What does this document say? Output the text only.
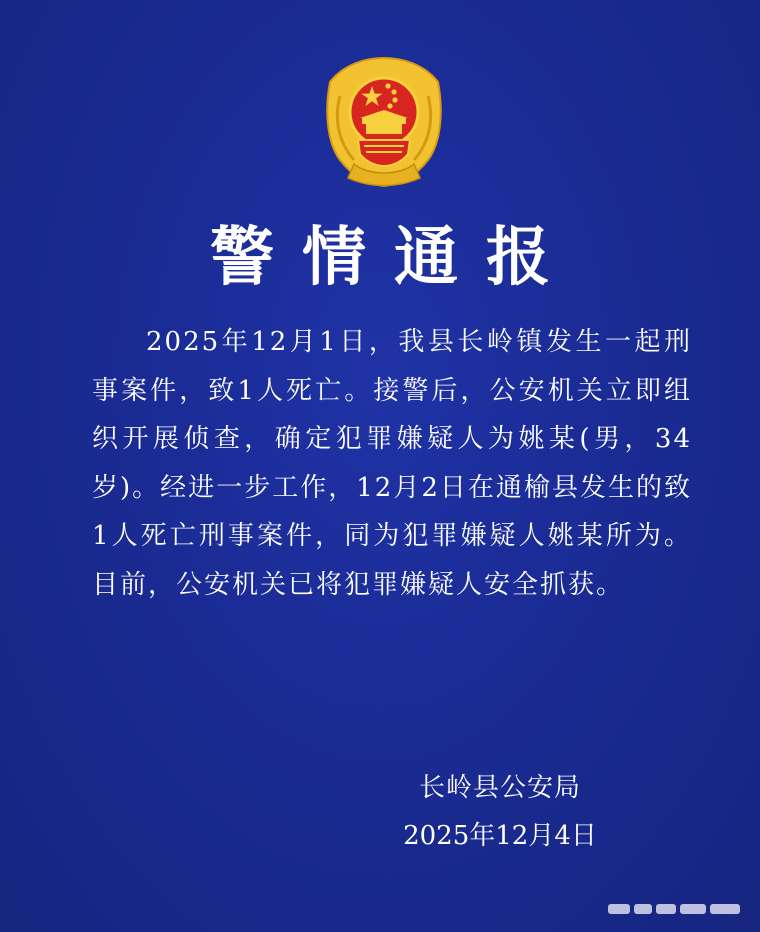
警情通报
2025年12月1日，我县长岭镇发生一起刑事案件，致1人死亡。接警后，公安机关立即组织开展侦查，确定犯罪嫌疑人为姚某(男，34岁)。经进一步工作，12月2日在通榆县发生的致1人死亡刑事案件，同为犯罪嫌疑人姚某所为。目前，公安机关已将犯罪嫌疑人安全抓获。
长岭县公安局
2025年12月4日
